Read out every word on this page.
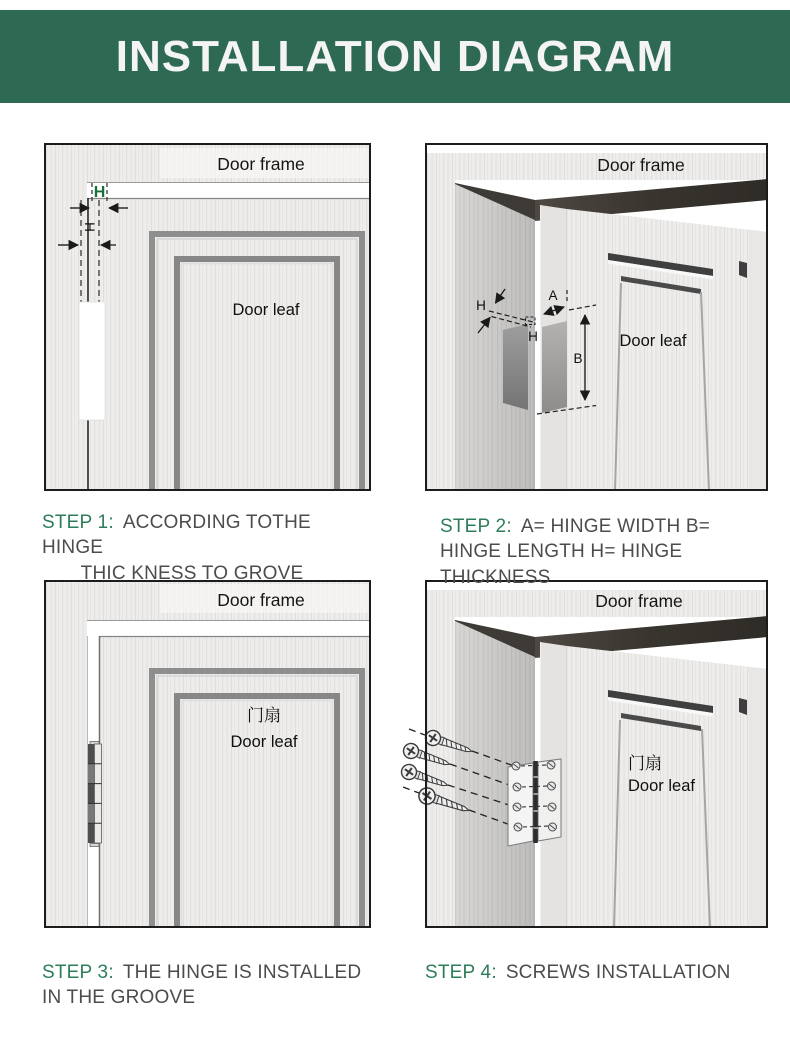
INSTALLATION DIAGRAM
Door frame
Door leaf
H
H
Door frame
Door leaf
H
A
H
B
Door frame
门扇
Door leaf
Door frame
门扇
Door leaf

STEP 1: ACCORDING TOTHE HINGE

THIC KNESS TO GROVE

STEP 2: A= HINGE WIDTH B= HINGE LENGTH H= HINGE THICKNESS

STEP 3: THE HINGE IS INSTALLED IN THE GROOVE

STEP 4: SCREWS INSTALLATION
